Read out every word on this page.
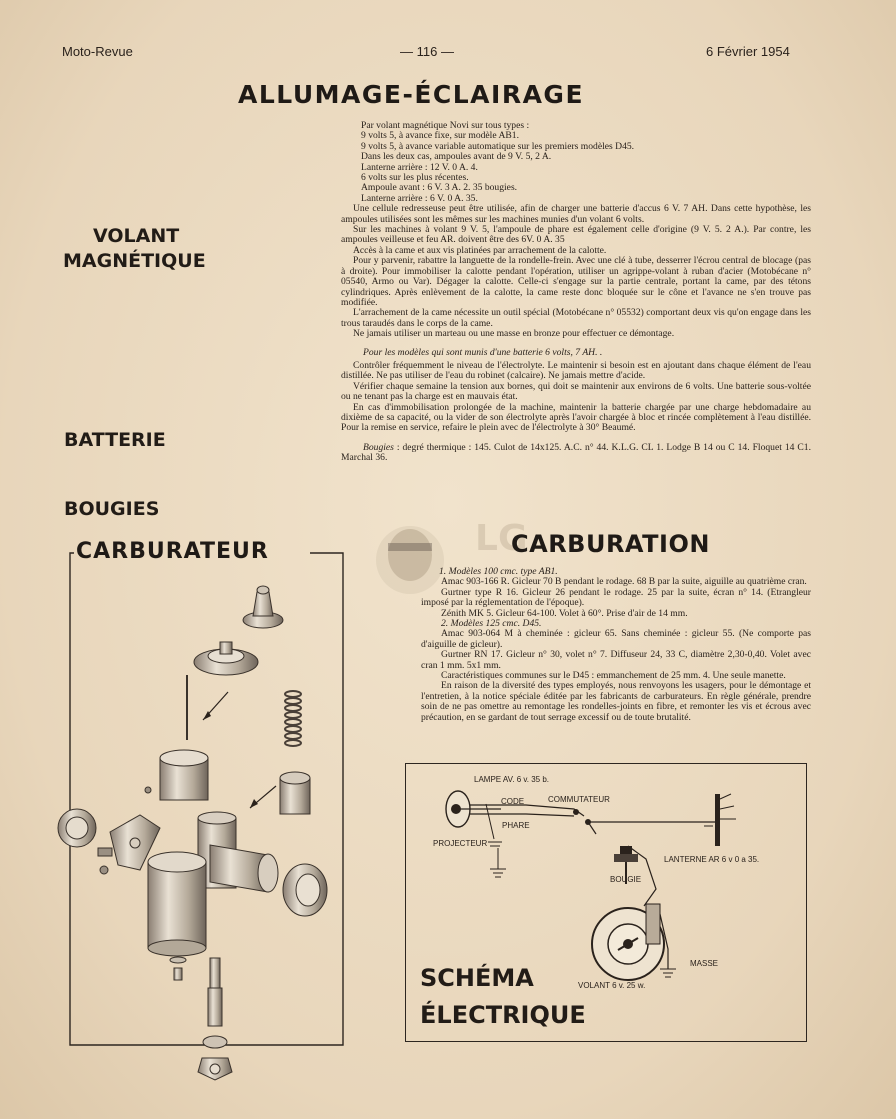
Moto-Revue	— 116 —	6 Février 1954
ALLUMAGE-ÉCLAIRAGE
VOLANT
MAGNÉTIQUE
BATTERIE
BOUGIES

Par volant magnétique Novi sur tous types :

9 volts 5, à avance fixe, sur modèle AB1.

9 volts 5, à avance variable automatique sur les premiers modèles D45.

Dans les deux cas, ampoules avant de 9 V. 5, 2 A.

Lanterne arrière : 12 V. 0 A. 4.

6 volts sur les plus récentes.

Ampoule avant : 6 V. 3 A. 2. 35 bougies.

Lanterne arrière : 6 V. 0 A. 35.

Une cellule redresseuse peut être utilisée, afin de charger une batterie d'accus 6 V. 7 AH. Dans cette hypothèse, les ampoules utilisées sont les mêmes sur les machines munies d'un volant 6 volts.

Sur les machines à volant 9 V. 5, l'ampoule de phare est également celle d'origine (9 V. 5. 2 A.). Par contre, les ampoules veilleuse et feu AR. doivent être des 6V. 0 A. 35

Accès à la came et aux vis platinées par arrachement de la calotte.

Pour y parvenir, rabattre la languette de la rondelle-frein. Avec une clé à tube, desserrer l'écrou central de blocage (pas à droite). Pour immobiliser la calotte pendant l'opération, utiliser un agrippe-volant à ruban d'acier (Motobécane n° 05540, Armo ou Var). Dégager la calotte. Celle-ci s'engage sur la partie centrale, portant la came, par des tétons cylindriques. Après enlèvement de la calotte, la came reste donc bloquée sur le cône et l'avance ne s'en trouve pas modifiée.

L'arrachement de la came nécessite un outil spécial (Motobécane n° 05532) comportant deux vis qu'on engage dans les trous taraudés dans le corps de la came.

Ne jamais utiliser un marteau ou une masse en bronze pour effectuer ce démontage.

Pour les modèles qui sont munis d'une batterie 6 volts, 7 AH. .

Contrôler fréquemment le niveau de l'électrolyte. Le maintenir si besoin est en ajoutant dans chaque élément de l'eau distillée. Ne pas utiliser de l'eau du robinet (calcaire). Ne jamais mettre d'acide.

Vérifier chaque semaine la tension aux bornes, qui doit se maintenir aux environs de 6 volts. Une batterie sous-voltée ou ne tenant pas la charge est en mauvais état.

En cas d'immobilisation prolongée de la machine, maintenir la batterie chargée par une charge hebdomadaire au dixième de sa capacité, ou la vider de son électrolyte après l'avoir chargée à bloc et rincée complètement à l'eau distillée. Pour la remise en service, refaire le plein avec de l'électrolyte à 30° Beaumé.

Bougies : degré thermique : 145. Culot de 14x125. A.C. n° 44. K.L.G. CL 1. Lodge B 14 ou C 14. Floquet 14 C1. Marchal 36.

CARBURATEUR	LG
CARBURATION

1. Modèles 100 cmc. type AB1.

Amac 903-166 R. Gicleur 70 B pendant le rodage. 68 B par la suite, aiguille au quatrième cran.

Gurtner type R 16. Gicleur 26 pendant le rodage. 25 par la suite, écran n° 14. (Etrangleur imposé par la réglementation de l'époque).

Zénith MK 5. Gicleur 64-100. Volet à 60°. Prise d'air de 14 mm.

2. Modèles 125 cmc. D45.

Amac 903-064 M à cheminée : gicleur 65. Sans cheminée : gicleur 55. (Ne comporte pas d'aiguille de gicleur).

Gurtner RN 17. Gicleur n° 30, volet n° 7. Diffuseur 24, 33 C, diamètre 2,30-0,40. Volet avec cran 1 mm. 5x1 mm.

Caractéristiques communes sur le D45 : emmanchement de 25 mm. 4. Une seule manette.

En raison de la diversité des types employés, nous renvoyons les usagers, pour le démontage et l'entretien, à la notice spéciale éditée par les fabricants de carburateurs. En règle générale, prendre soin de ne pas omettre au remontage les rondelles-joints en fibre, et remonter les vis et écrous avec précaution, en se gardant de tout serrage excessif ou de toute brutalité.

LAMPE AV. 6 v. 35 b.
CODE	COMMUTATEUR
PHARE
PROJECTEUR
LANTERNE AR 6 v 0 a 35.
BOUGIE
MASSE
VOLANT 6 v. 25 w.
SCHÉMA
ÉLECTRIQUE
